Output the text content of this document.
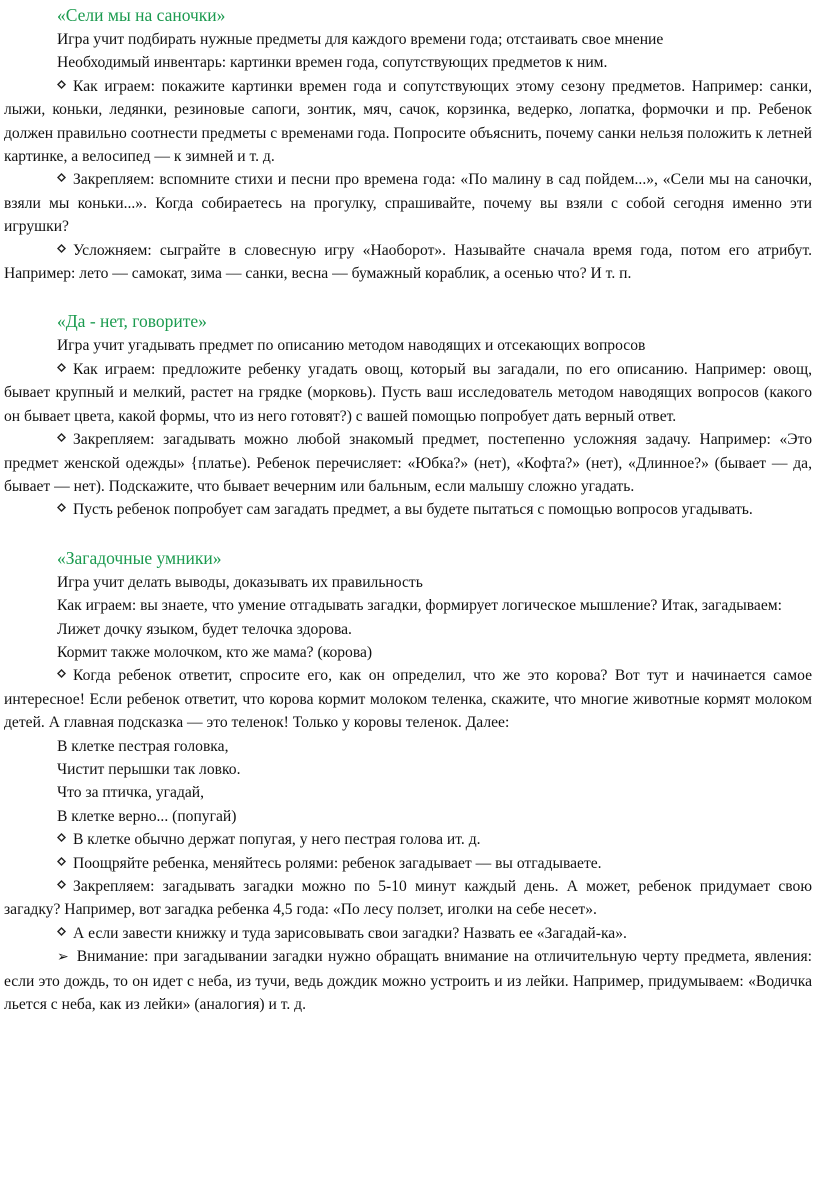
«Сели мы на саночки»
Игра учит подбирать нужные предметы для каждого времени года; отстаивать свое мнение
Необходимый инвентарь: картинки времен года, сопутствующих предметов к ним.
Как играем: покажите картинки времен года и сопутствующих этому сезону предметов. Например: санки, лыжи, коньки, ледянки, резиновые сапоги, зонтик, мяч, сачок, корзинка, ведерко, лопатка, формочки и пр. Ребенок должен правильно соотнести предметы с временами года. Попросите объяснить, почему санки нельзя положить к летней картинке, а велосипед — к зимней и т. д.
Закрепляем: вспомните стихи и песни про времена года: «По малину в сад пойдем...», «Сели мы на саночки, взяли мы коньки...». Когда собираетесь на прогулку, спрашивайте, почему вы взяли с собой сегодня именно эти игрушки?
Усложняем: сыграйте в словесную игру «Наоборот». Называйте сначала время года, потом его атрибут. Например: лето — самокат, зима — санки, весна — бумажный кораблик, а осенью что? И т. п.
«Да - нет, говорите»
Игра учит угадывать предмет по описанию методом наводящих и отсекающих вопросов
Как играем: предложите ребенку угадать овощ, который вы загадали, по его описанию. Например: овощ, бывает крупный и мелкий, растет на грядке (морковь). Пусть ваш исследователь методом наводящих вопросов (какого он бывает цвета, какой формы, что из него готовят?) с вашей помощью попробует дать верный ответ.
Закрепляем: загадывать можно любой знакомый предмет, постепенно усложняя задачу. Например: «Это предмет женской одежды» {платье). Ребенок перечисляет: «Юбка?» (нет), «Кофта?» (нет), «Длинное?» (бывает — да, бывает — нет). Подскажите, что бывает вечерним или бальным, если малышу сложно угадать.
Пусть ребенок попробует сам загадать предмет, а вы будете пытаться с помощью вопросов угадывать.
«Загадочные умники»
Игра учит делать выводы, доказывать их правильность
Как играем: вы знаете, что умение отгадывать загадки, формирует логическое мышление? Итак, загадываем:
Лижет дочку языком, будет телочка здорова.
Кормит также молочком, кто же мама? (корова)
Когда ребенок ответит, спросите его, как он определил, что же это корова? Вот тут и начинается самое интересное! Если ребенок ответит, что корова кормит молоком теленка, скажите, что многие животные кормят молоком детей. А главная подсказка — это теленок! Только у коровы теленок. Далее:
В клетке пестрая головка,
Чистит перышки так ловко.
Что за птичка, угадай,
В клетке верно... (попугай)
В клетке обычно держат попугая, у него пестрая голова ит. д.
Поощряйте ребенка, меняйтесь ролями: ребенок загадывает — вы отгадываете.
Закрепляем: загадывать загадки можно по 5-10 минут каждый день. А может, ребенок придумает свою загадку? Например, вот загадка ребенка 4,5 года: «По лесу ползет, иголки на себе несет».
А если завести книжку и туда зарисовывать свои загадки? Назвать ее «Загадай-ка».
➢ Внимание: при загадывании загадки нужно обращать внимание на отличительную черту предмета, явления: если это дождь, то он идет с неба, из тучи, ведь дождик можно устроить и из лейки. Например, придумываем: «Водичка льется с неба, как из лейки» (аналогия) и т. д.
